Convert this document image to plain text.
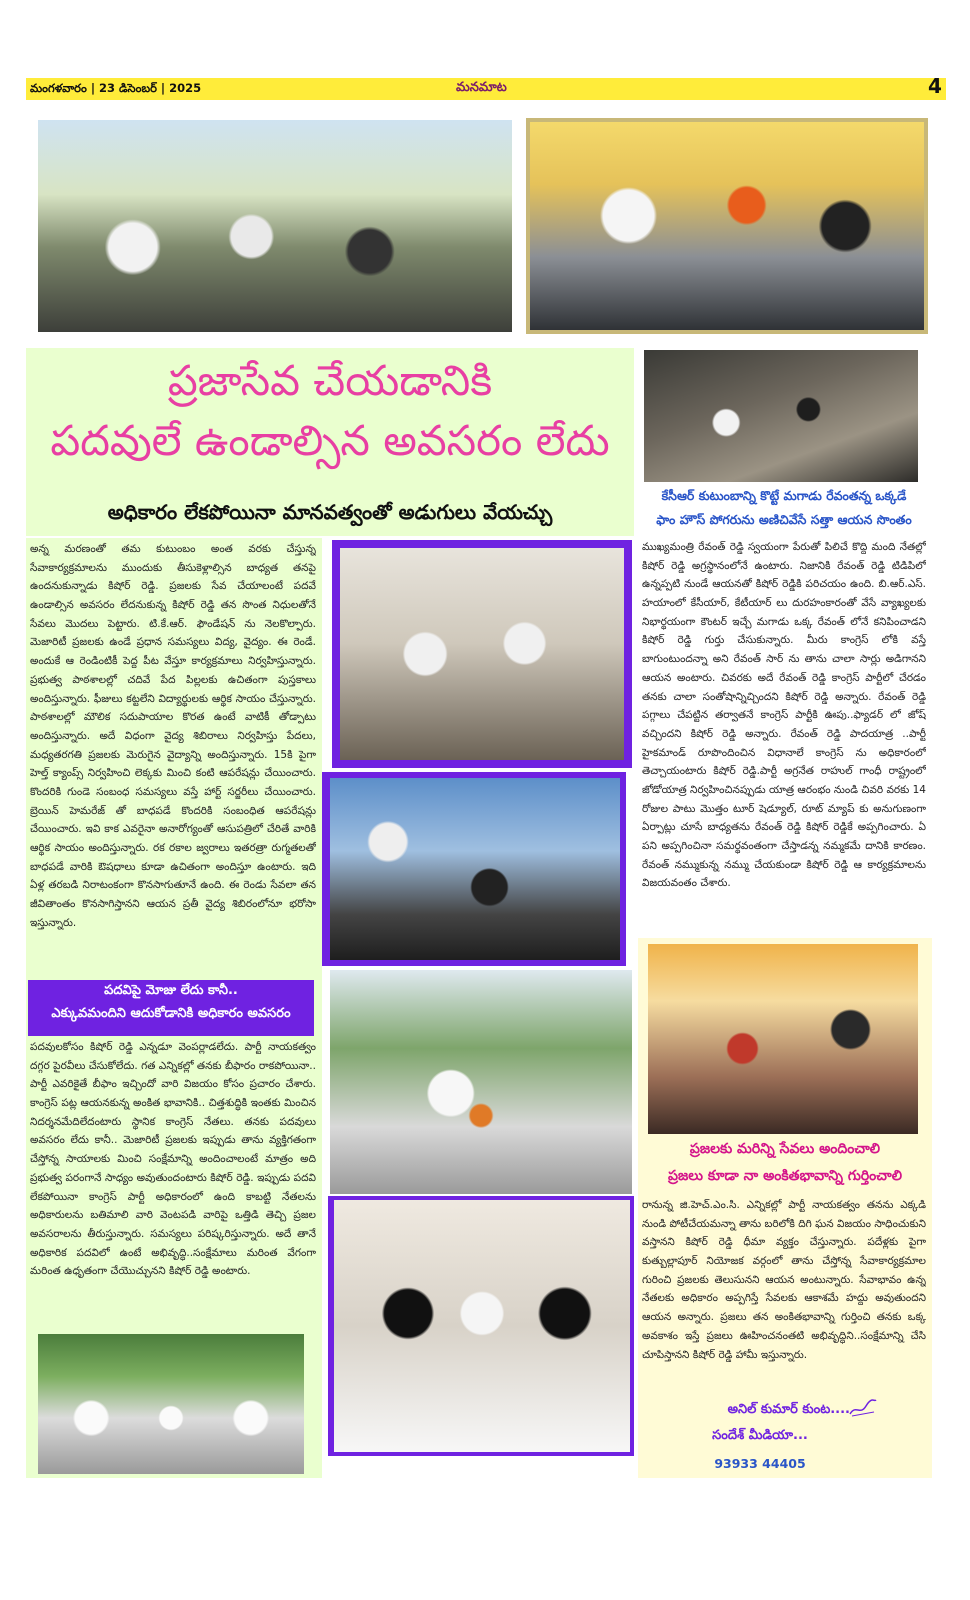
మంగళవారం | 23 డిసెంబర్ | 2025	మనమాట	4
ప్రజాసేవ చేయడానికి
పదవులే ఉండాల్సిన అవసరం లేదు
అధికారం లేకపోయినా మానవత్వంతో అడుగులు వేయచ్చు
అన్న మరణంతో తమ కుటుంబం అంత వరకు చేస్తున్న సేవాకార్యక్రమాలను ముందుకు తీసుకెళ్లాల్సిన బాధ్యత తనపై ఉందనుకున్నాడు కిషోర్ రెడ్డి. ప్రజలకు సేవ చేయాలంటే పదవే ఉండాల్సిన అవసరం లేదనుకున్న కిషోర్ రెడ్డి తన సొంత నిధులతోనే సేవలు మొదలు పెట్టారు. టి.కే.ఆర్. ఫౌండేషన్ ను నెలకొల్పారు. మెజారిటీ ప్రజలకు ఉండే ప్రధాన సమస్యలు విద్య, వైద్యం. ఈ రెండే. అందుకే ఆ రెండింటికీ పెద్ద పీట వేస్తూ కార్యక్రమాలు నిర్వహిస్తున్నారు. ప్రభుత్వ పాఠశాలల్లో చదివే పేద పిల్లలకు ఉచితంగా పుస్తకాలు అందిస్తున్నారు. ఫీజులు కట్టలేని విద్యార్థులకు ఆర్థిక సాయం చేస్తున్నారు. పాఠశాలల్లో మౌలిక సదుపాయాల కొరత ఉంటే వాటికీ తోడ్పాటు అందిస్తున్నారు. అదే విధంగా వైద్య శిబిరాలు నిర్వహిస్తు పేదలు, మధ్యతరగతి ప్రజలకు మెరుగైన వైద్యాన్ని అందిస్తున్నారు. 15కి పైగా హెల్త్ క్యాంప్స్ నిర్వహించి లెక్కకు మించి కంటి ఆపరేషన్లు చేయించారు. కొందరికి గుండె సంబంధ సమస్యలు వస్తే హార్ట్ సర్జరీలు చేయించారు. బ్రెయిన్ హెమరేజ్ తో బాధపడే కొందరికి సంబంధిత ఆపరేషన్లు చేయించారు. ఇవి కాక ఎవరైనా అనారోగ్యంతో ఆసుపత్రిలో చేరితే వారికి ఆర్థిక సాయం అందిస్తున్నారు. రక రకాల జ్వరాలు ఇతరత్రా రుగ్మతలతో బాధపడే వారికి ఔషధాలు కూడా ఉచితంగా అందిస్తూ ఉంటారు. ఇది ఏళ్ల తరబడి నిరాటంకంగా కొనసాగుతూనే ఉంది. ఈ రెండు సేవలా తన జీవితాంతం కొనసాగిస్తానని ఆయన ప్రతీ వైద్య శిబిరంలోనూ భరోసా ఇస్తున్నారు.
పదవిపై మోజు లేదు కానీ..
ఎక్కువమందిని ఆదుకోడానికి అధికారం అవసరం
పదవులకోసం కిషోర్ రెడ్డి ఎన్నడూ వెంపర్లాడలేదు. పార్టీ నాయకత్వం దగ్గర పైరవీలు చేసుకోలేదు. గత ఎన్నికల్లో తనకు బీఫారం రాకపోయినా.. పార్టీ ఎవరికైతే బీఫాం ఇచ్చిందో వారి విజయం కోసం ప్రచారం చేశారు. కాంగ్రెస్ పట్ల ఆయనకున్న అంకిత భావానికి.. చిత్తశుద్ధికి ఇంతకు మించిన నిదర్శనమేదిలేదంటారు స్థానిక కాంగ్రెస్ నేతలు. తనకు పదవులు అవసరం లేదు కానీ.. మెజారిటీ ప్రజలకు ఇప్పుడు తాను వ్యక్తిగతంగా చేస్తోన్న సాయాలకు మించి సంక్షేమాన్ని అందించాలంటే మాత్రం అది ప్రభుత్వ పరంగానే సాధ్యం అవుతుందంటారు కిషోర్ రెడ్డి. ఇప్పుడు పదవి లేకపోయినా కాంగ్రెస్ పార్టీ అధికారంలో ఉంది కాబట్టి నేతలను అధికారులను బతిమాలి వారి వెంటపడి వారిపై ఒత్తిడి తెచ్చి ప్రజల అవసరాలను తీరుస్తున్నారు. సమస్యలు పరిష్కరిస్తున్నారు. అదే తానే అధికారిక పదవిలో ఉంటే అభివృద్ధి..సంక్షేమాలు మరింత వేగంగా మరింత ఉధృతంగా చేయొచ్చునని కిషోర్ రెడ్డి అంటారు.
కేసీఆర్ కుటుంబాన్ని కొట్టే మగాడు రేవంతన్న ఒక్కడే
ఫాం హౌస్ పోగరును అణిచివేసే సత్తా ఆయన సొంతం
ముఖ్యమంత్రి రేవంత్ రెడ్డి స్వయంగా పేరుతో పిలిచే కొద్ది మంది నేతల్లో కిషోర్ రెడ్డి అగ్రస్థానంలోనే ఉంటారు. నిజానికి రేవంత్ రెడ్డి టిడిపిలో ఉన్నప్పటి నుండే ఆయనతో కిషోర్ రెడ్డికి పరిచయం ఉంది. బి.ఆర్.ఎస్. హయాంలో కేసీయార్, కేటీయార్ లు దురహంకారంతో వేసే వ్యాఖ్యలకు నిభార్థయంగా కౌంటర్ ఇచ్చే మగాడు ఒక్క రేవంత్ లోనే కనిపించాడని కిషోర్ రెడ్డి గుర్తు చేసుకున్నారు. మీరు కాంగ్రెస్ లోకి వస్తే బాగుంటుందన్నా అని రేవంత్ సార్ ను తాను చాలా సార్లు అడిగానని ఆయన అంటారు. చివరకు అదే రేవంత్ రెడ్డి కాంగ్రెస్ పార్టీలో చేరడం తనకు చాలా సంతోషాన్నిచ్చిందని కిషోర్ రెడ్డి అన్నారు. రేవంత్ రెడ్డి పగ్గాలు చేపట్టిన తర్వాతనే కాంగ్రెస్ పార్టీకి ఊపు..ఫ్యాడర్ లో జోష్ వచ్చిందని కిషోర్ రెడ్డి అన్నారు. రేవంత్ రెడ్డి పాదయాత్ర ..పార్టీ హైకమాండ్ రూపొందించిన విధానాలే కాంగ్రెస్ ను అధికారంలో తెచ్చాయంటారు కిషోర్ రెడ్డి.పార్టీ అగ్రనేత రాహుల్ గాంధీ రాష్ట్రంలో జోడోయాత్ర నిర్వహించినప్పుడు యాత్ర ఆరంభం నుండి చివరి వరకు 14 రోజుల పాటు మొత్తం టూర్ షెడ్యూల్, రూట్ మ్యాప్ కు అనుగుణంగా ఏర్పాట్లు చూసే బాధ్యతను రేవంత్ రెడ్డి కిషోర్ రెడ్డికే అప్పగించారు. ఏ పని అప్పగించినా సమర్థవంతంగా చేస్తాడన్న నమ్మకమే దానికి కారణం. రేవంత్ నమ్ముకున్న నమ్ము చేయకుండా కిషోర్ రెడ్డి ఆ కార్యక్రమాలను విజయవంతం చేశారు.
ప్రజలకు మరిన్ని సేవలు అందించాలి
ప్రజలు కూడా నా అంకితభావాన్ని గుర్తించాలి
రానున్న జి.హెచ్.ఎం.సి. ఎన్నికల్లో పార్టీ నాయకత్వం తనను ఎక్కడి నుండి పోటీచేయమన్నా తాను బరిలోకి దిగి ఘన విజయం సాధించుకుని వస్తానని కిషోర్ రెడ్డి ధీమా వ్యక్తం చేస్తున్నారు. పదేళ్లకు పైగా కుత్బుల్లాపూర్ నియోజక వర్గంలో తాను చేస్తోన్న సేవాకార్యక్రమాల గురించి ప్రజలకు తెలుసునని ఆయన అంటున్నారు. సేవాభావం ఉన్న నేతలకు అధికారం అప్పగిస్తే సేవలకు ఆకాశమే హద్దు అవుతుందని ఆయన అన్నారు. ప్రజలు తన అంకితభావాన్ని గుర్తించి తనకు ఒక్క అవకాశం ఇస్తే ప్రజలు ఊహించనంతటి అభివృద్ధిని..సంక్షేమాన్ని చేసి చూపిస్తానని కిషోర్ రెడ్డి హామీ ఇస్తున్నారు.
అనిల్ కుమార్ కుంట....
సందేశ్ మీడియా...
93933 44405
